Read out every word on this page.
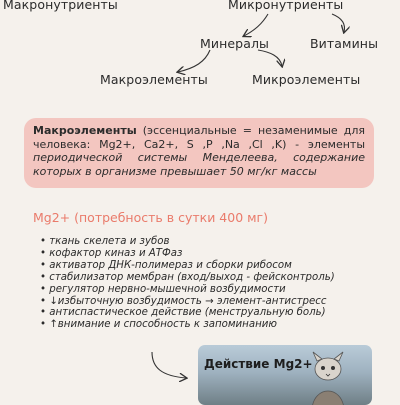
Макронутриенты	Микронутриенты
Минералы	Витамины
Макроэлементы	Микроэлементы
Макроэлементы (эссенциальные = незаменимые для человека: Mg2+, Ca2+, S ,P ,Na ,Cl ,K) - элементы периодической системы Менделеева, содержание которых в организме превышает 50 мг/кг массы
Mg2+ (потребность в сутки 400 мг)
• ткань скелета и зубов
• кофактор киназ и АТФаз
• активатор ДНК-полимераз и сборки рибосом
• стабилизатор мембран (вход/выход - фейсконтроль)
• регулятор нервно-мышечной возбудимости
• ↓избыточную возбудимость → элемент-антистресс
• антиспастическое действие (менструальную боль)
• ↑внимание и способность к запоминанию
Действие Mg2+
